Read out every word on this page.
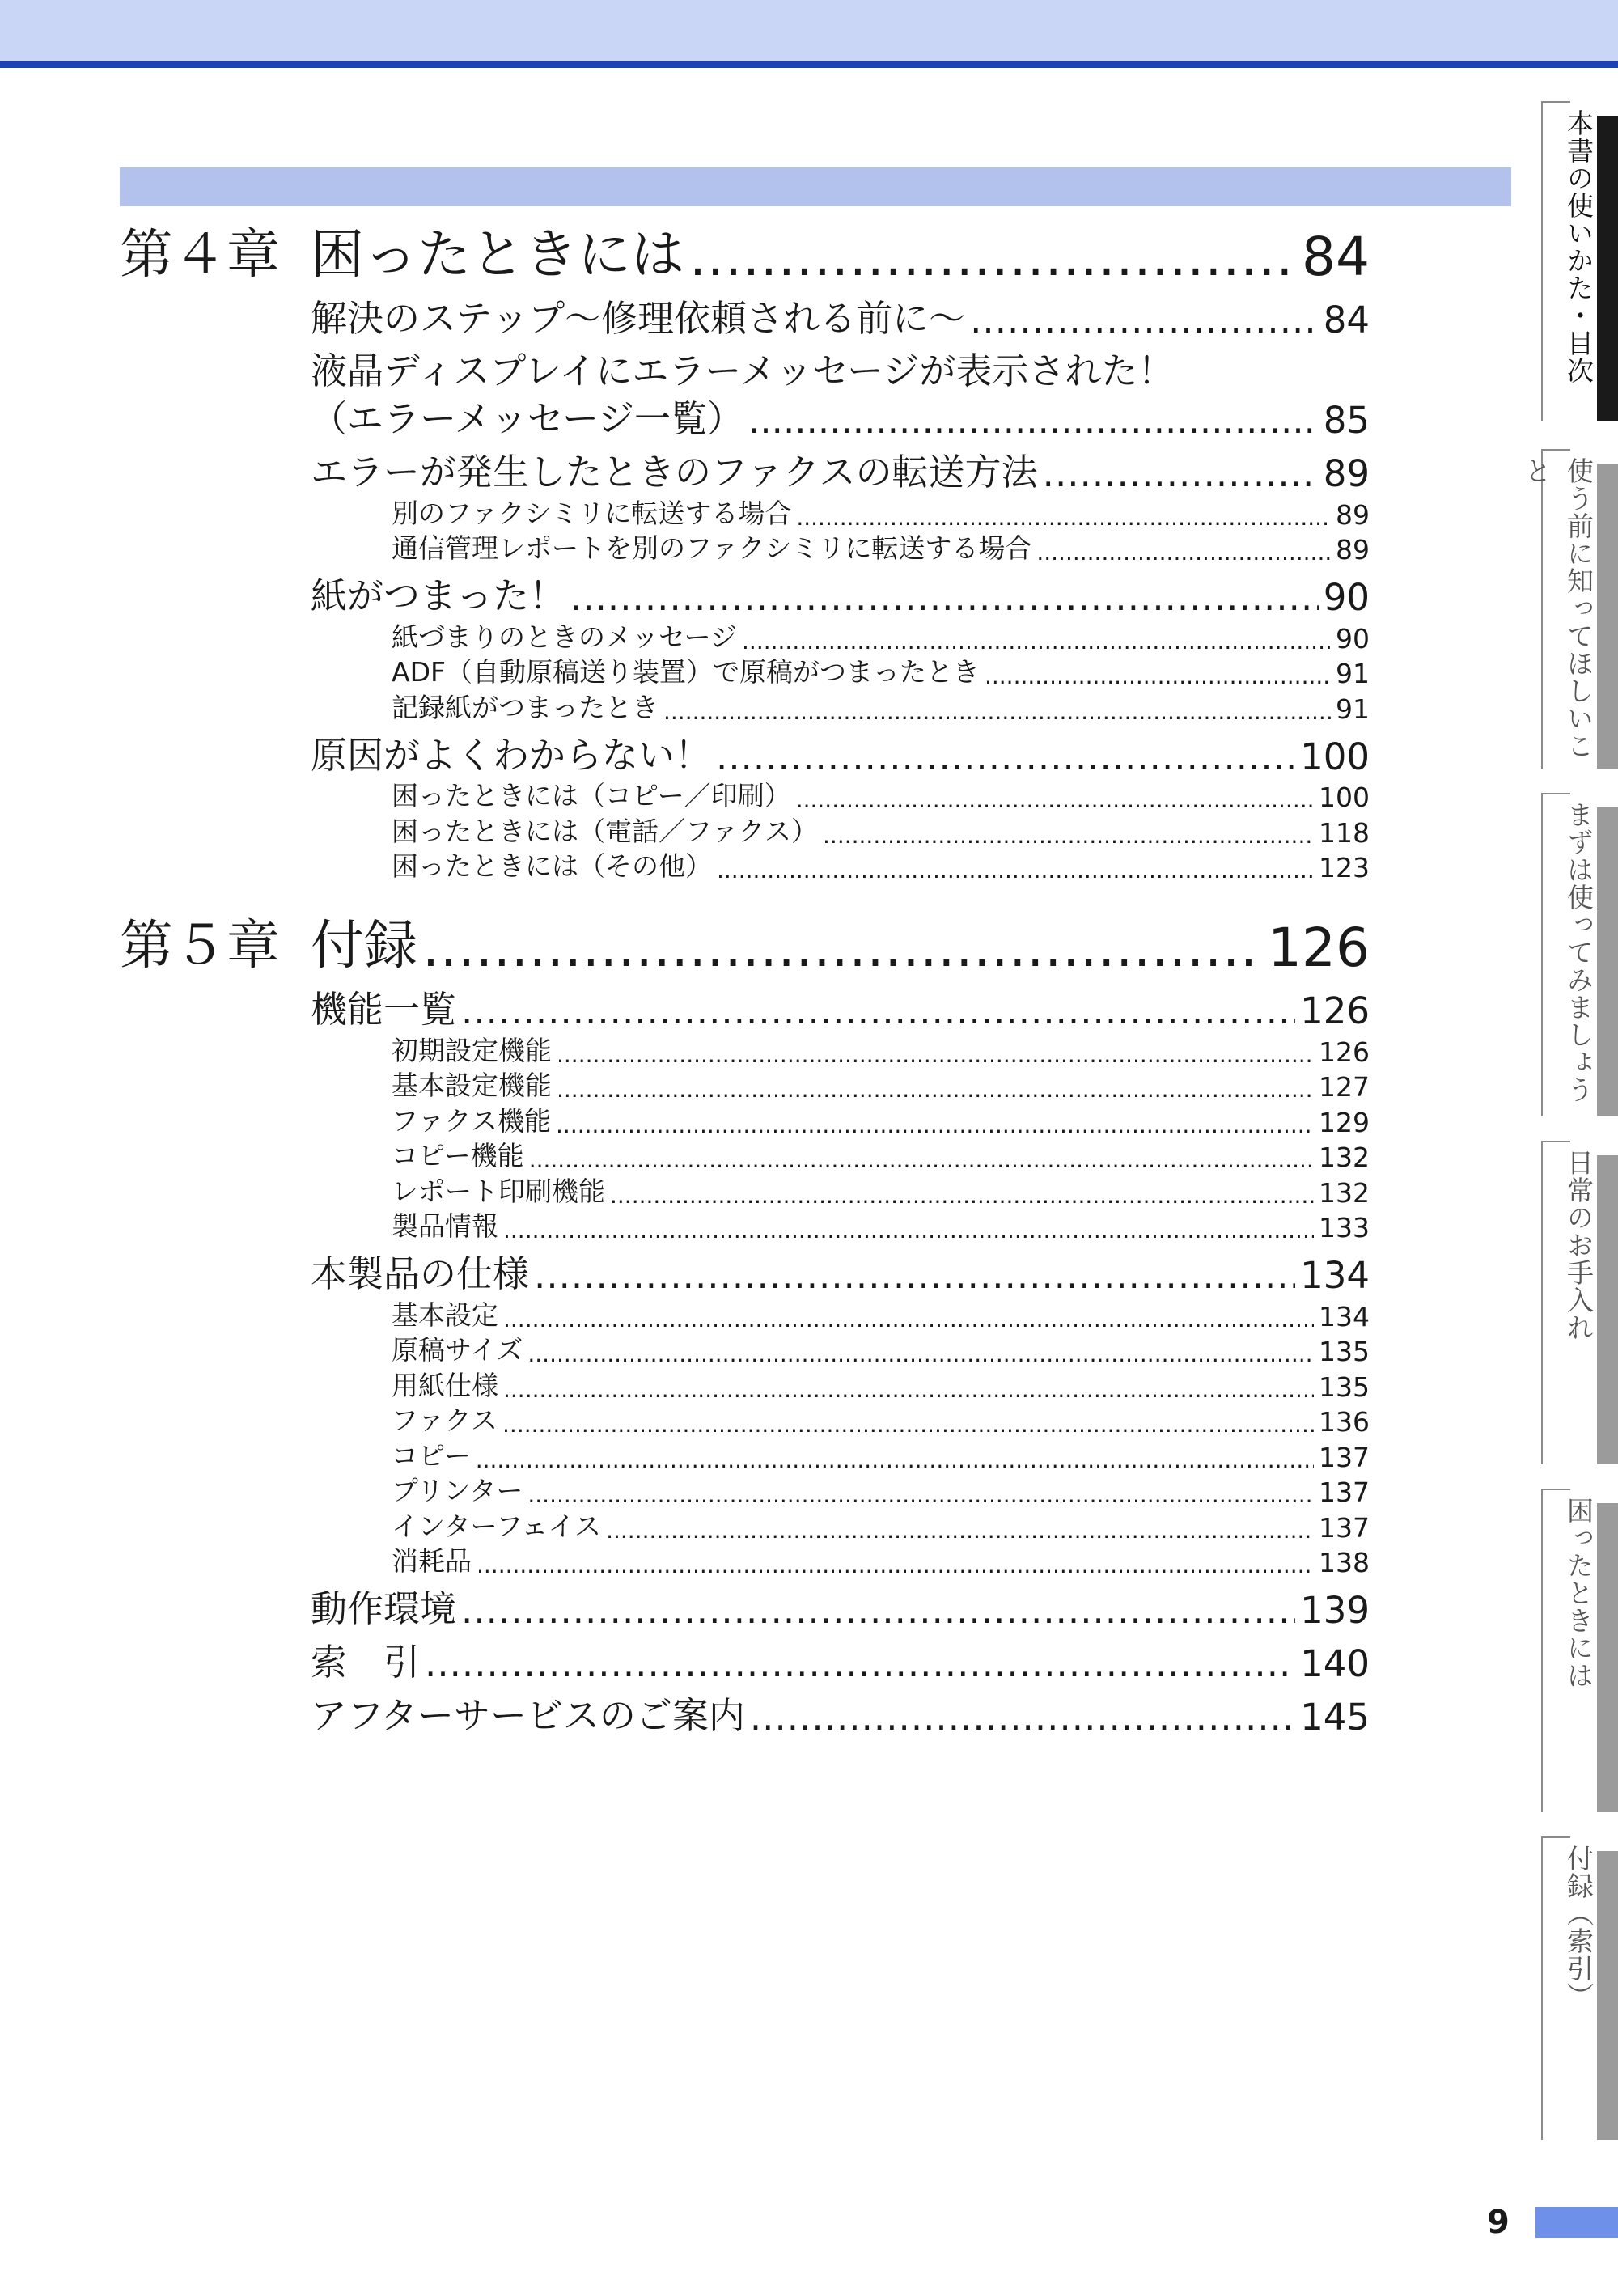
第４章 困ったときには .....	84
解決のステップ～修理依頼される前に～ .....	84
液晶ディスプレイにエラーメッセージが表示された！
（エラーメッセージ一覧） .....	85
エラーが発生したときのファクスの転送方法 .....	89
別のファクシミリに転送する場合 .....	89
通信管理レポートを別のファクシミリに転送する場合 .....	89
紙がつまった！ .....	90
紙づまりのときのメッセージ .....	90
ADF（自動原稿送り装置）で原稿がつまったとき .....	91
記録紙がつまったとき .....	91
原因がよくわからない！ .....	100
困ったときには（コピー／印刷） .....	100
困ったときには（電話／ファクス） .....	118
困ったときには（その他） .....	123
第５章 付録 .....	126
機能一覧 .....	126
初期設定機能 .....	126
基本設定機能 .....	127
ファクス機能 .....	129
コピー機能 .....	132
レポート印刷機能 .....	132
製品情報 .....	133
本製品の仕様 .....	134
基本設定 .....	134
原稿サイズ .....	135
用紙仕様 .....	135
ファクス .....	136
コピー .....	137
プリンター .....	137
インターフェイス .....	137
消耗品 .....	138
動作環境 .....	139
索　引 .....	140
アフターサービスのご案内 .....	145
本書の使いかた・目次
使う前に知ってほしいこと
まずは使ってみましょう
日常のお手入れ
困ったときには
付録（索引）
9
